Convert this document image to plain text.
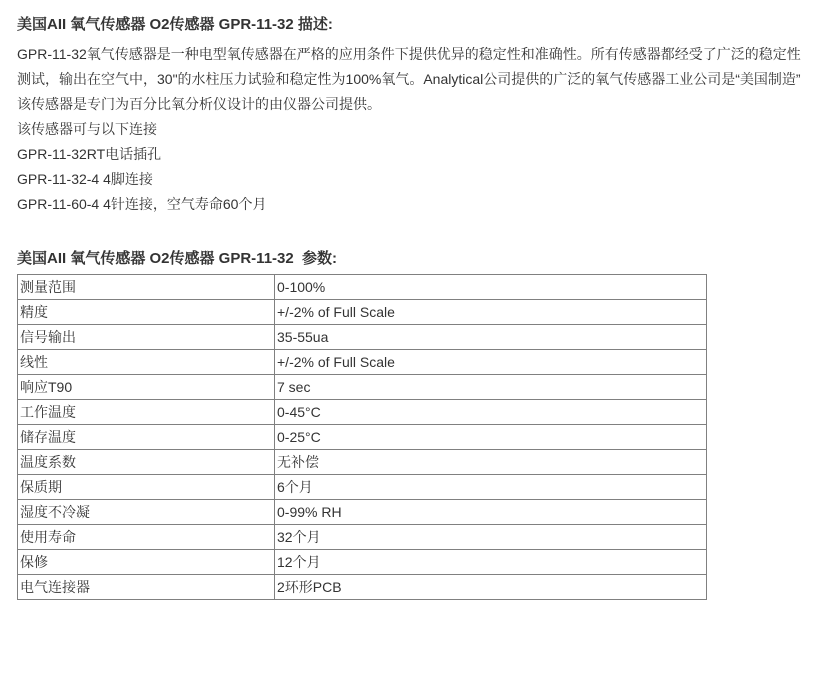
美国AII 氧气传感器 O2传感器 GPR-11-32 描述:

GPR-11-32氧气传感器是一种电型氧传感器在严格的应用条件下提供优异的稳定性和准确性。所有传感器都经受了广泛的稳定性测试，输出在空气中，30"的水柱压力试验和稳定性为100%氧气。Analytical公司提供的广泛的氧气传感器工业公司是“美国制造”

该传感器是专门为百分比氧分析仪设计的由仪器公司提供。
该传感器可与以下连接
GPR-11-32RT电话插孔
GPR-11-32-4 4脚连接
GPR-11-60-4 4针连接，空气寿命60个月
美国AII 氧气传感器 O2传感器 GPR-11-32  参数:
测量范围	0-100%
精度	+/-2% of Full Scale
信号输出	35-55ua
线性	+/-2% of Full Scale
响应T90	7 sec
工作温度	0-45°C
储存温度	0-25°C
温度系数	无补偿
保质期	6个月
湿度不冷凝	0-99% RH
使用寿命	32个月
保修	12个月
电气连接器	2环形PCB
